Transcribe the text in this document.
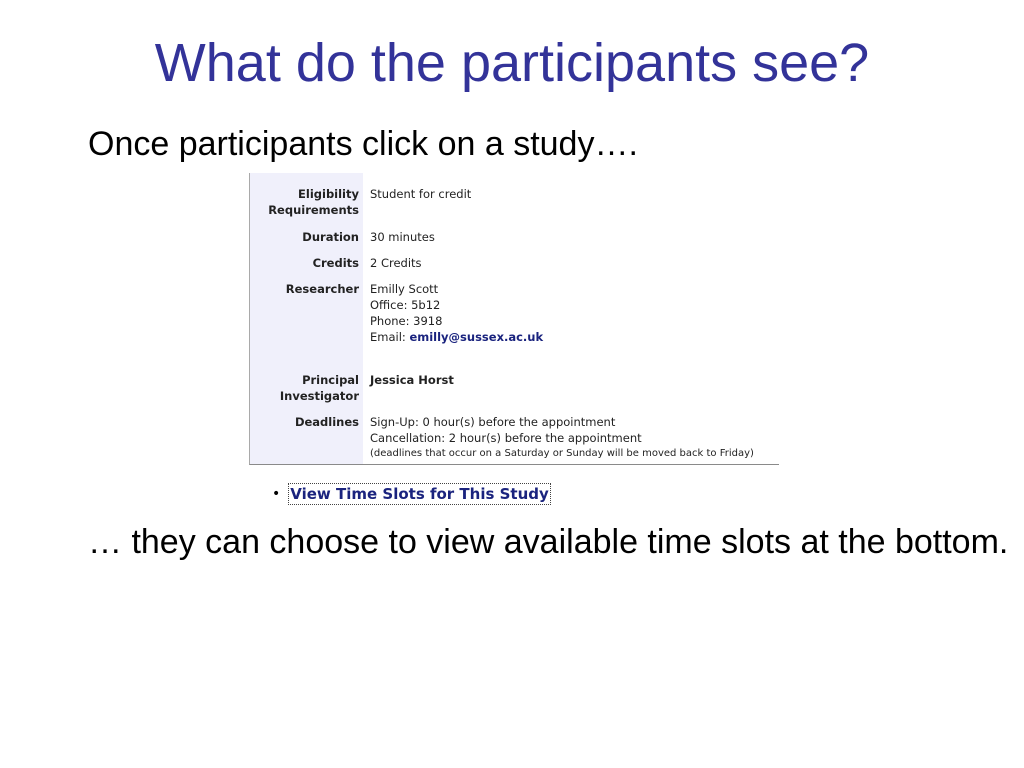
What do the participants see?
Once participants click on a study….
Eligibility
Requirements
Student for credit
Duration 30 minutes
Credits 2 Credits
Researcher Emilly Scott
Office: 5b12
Phone: 3918
Email: emilly@sussex.ac.uk
Principal
Investigator
Jessica Horst
Deadlines Sign-Up: 0 hour(s) before the appointment
Cancellation: 2 hour(s) before the appointment
(deadlines that occur on a Saturday or Sunday will be moved back to Friday)
• View Time Slots for This Study
… they can choose to view available time slots at the bottom.
